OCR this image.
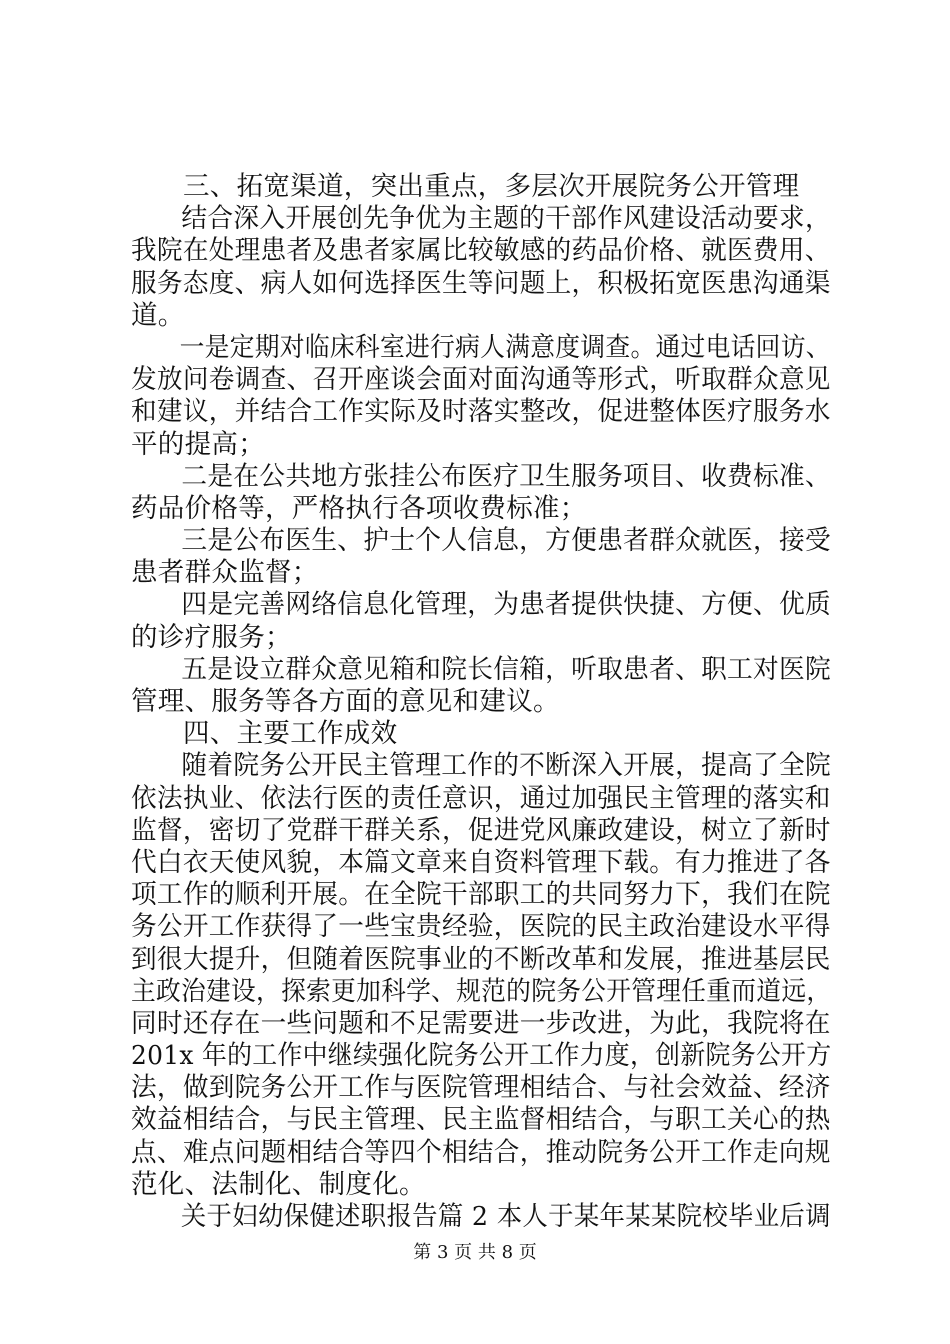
三、拓宽渠道，突出重点，多层次开展院务公开管理
结合深入开展创先争优为主题的干部作风建设活动要求，
我院在处理患者及患者家属比较敏感的药品价格、就医费用、
服务态度、病人如何选择医生等问题上，积极拓宽医患沟通渠
道。
一是定期对临床科室进行病人满意度调查。通过电话回访、
发放问卷调查、召开座谈会面对面沟通等形式，听取群众意见
和建议，并结合工作实际及时落实整改，促进整体医疗服务水
平的提高；
二是在公共地方张挂公布医疗卫生服务项目、收费标准、
药品价格等，严格执行各项收费标准；
三是公布医生、护士个人信息，方便患者群众就医，接受
患者群众监督；
四是完善网络信息化管理，为患者提供快捷、方便、优质
的诊疗服务；
五是设立群众意见箱和院长信箱，听取患者、职工对医院
管理、服务等各方面的意见和建议。
四、主要工作成效
随着院务公开民主管理工作的不断深入开展，提高了全院
依法执业、依法行医的责任意识，通过加强民主管理的落实和
监督，密切了党群干群关系，促进党风廉政建设，树立了新时
代白衣天使风貌，本篇文章来自资料管理下载。有力推进了各
项工作的顺利开展。在全院干部职工的共同努力下，我们在院
务公开工作获得了一些宝贵经验，医院的民主政治建设水平得
到很大提升，但随着医院事业的不断改革和发展，推进基层民
主政治建设，探索更加科学、规范的院务公开管理任重而道远，
同时还存在一些问题和不足需要进一步改进，为此，我院将在
201x 年的工作中继续强化院务公开工作力度，创新院务公开方
法，做到院务公开工作与医院管理相结合、与社会效益、经济
效益相结合，与民主管理、民主监督相结合，与职工关心的热
点、难点问题相结合等四个相结合，推动院务公开工作走向规
范化、法制化、制度化。
关于妇幼保健述职报告篇 2 本人于某年某某院校毕业后调
第 3 页 共 8 页
